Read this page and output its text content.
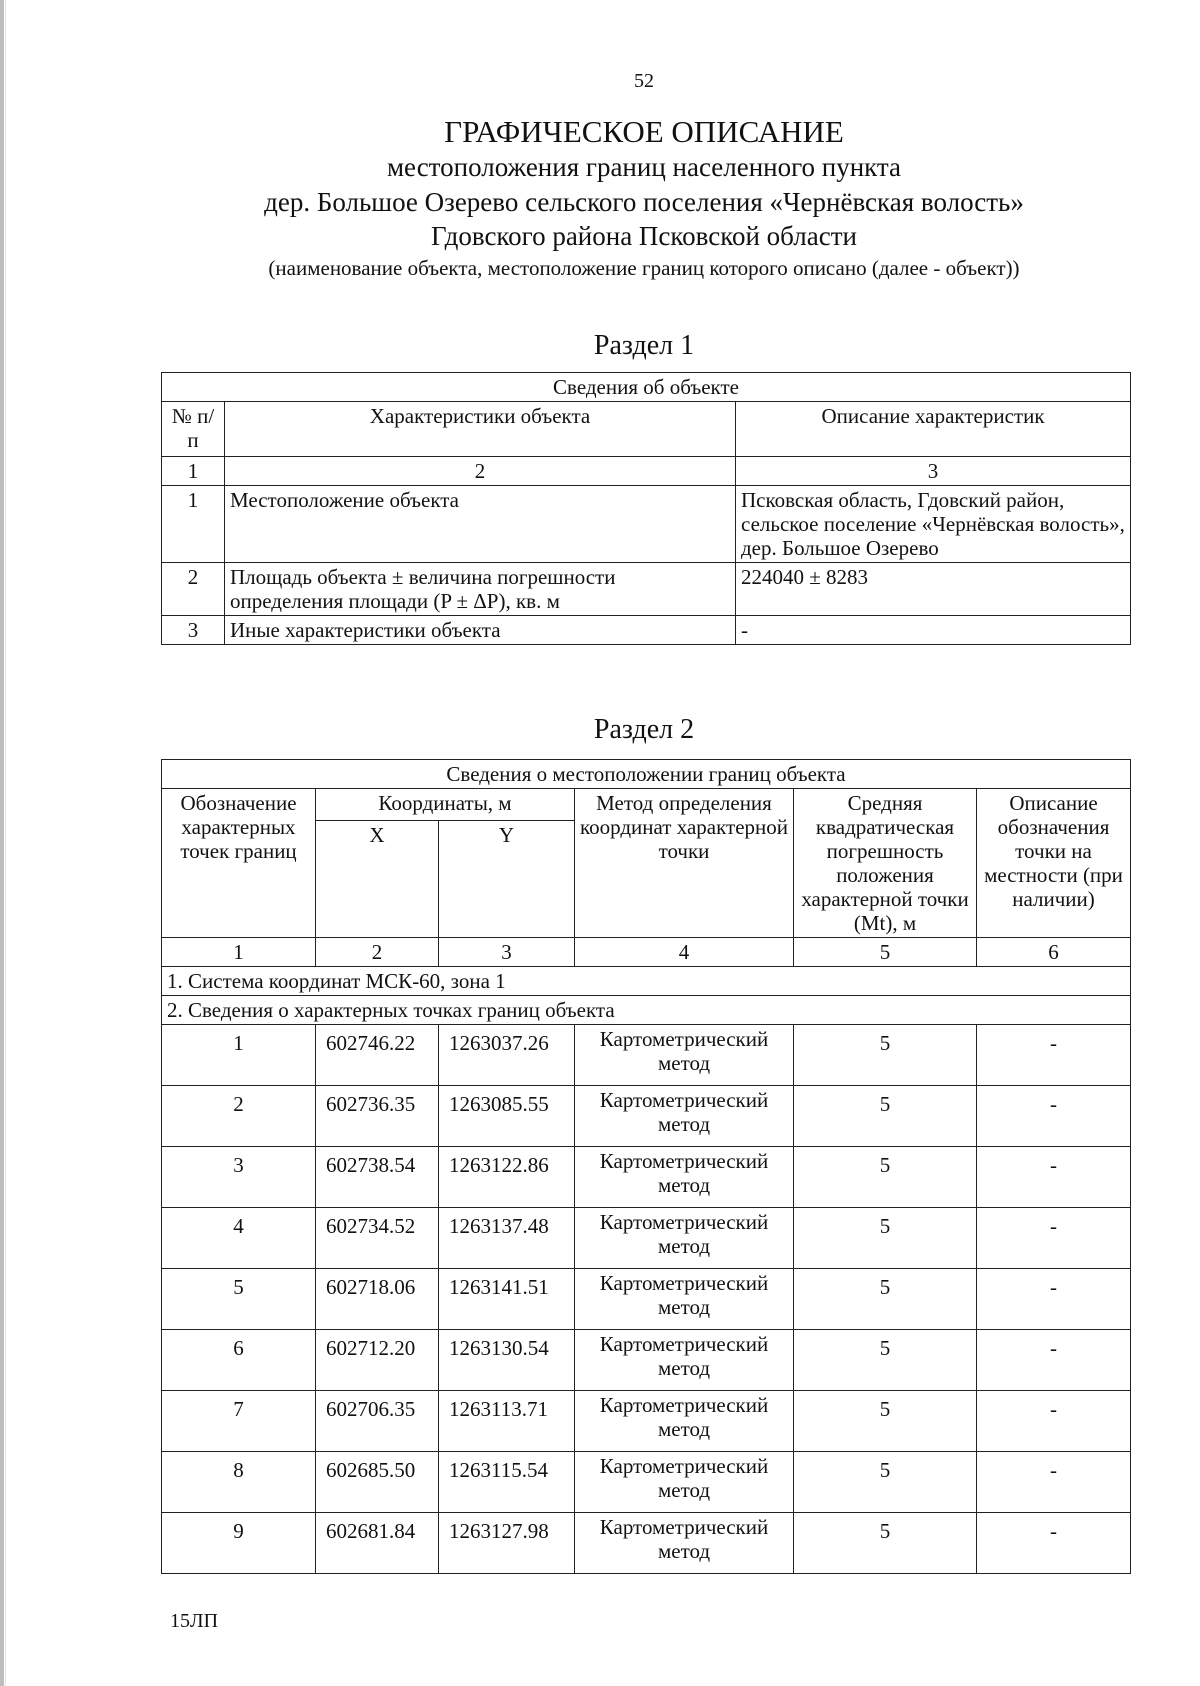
52
ГРАФИЧЕСКОЕ ОПИСАНИЕ
местоположения границ населенного пункта
дер. Большое Озерево сельского поселения «Чернёвская волость»
Гдовского района Псковской области
(наименование объекта, местоположение границ которого описано (далее - объект))
Раздел 1
Сведения об объекте		
№ п/п	Характеристики объекта	Описание характеристик
1	2	3
1	Местоположение объекта	Псковская область, Гдовский район, сельское поселение «Чернёвская волость», дер. Большое Озерево
2	Площадь объекта ± величина погрешности определения площади (P ± ΔP), кв. м	224040 ± 8283
3	Иные характеристики объекта	-
Раздел 2
Сведения о местоположении границ объекта					
Обозначение характерных точек границ	Координаты, м		Метод определения координат характерной точки	Средняя квадратическая погрешность положения характерной точки (Mt), м	Описание обозначения точки на местности (при наличии)
	X	Y			
1	2	3	4	5	6
1. Система координат МСК-60, зона 1					
2. Сведения о характерных точках границ объекта					
1	602746.22	1263037.26	Картометрический метод	5	-
2	602736.35	1263085.55	Картометрический метод	5	-
3	602738.54	1263122.86	Картометрический метод	5	-
4	602734.52	1263137.48	Картометрический метод	5	-
5	602718.06	1263141.51	Картометрический метод	5	-
6	602712.20	1263130.54	Картометрический метод	5	-
7	602706.35	1263113.71	Картометрический метод	5	-
8	602685.50	1263115.54	Картометрический метод	5	-
9	602681.84	1263127.98	Картометрический метод	5	-
15ЛП
